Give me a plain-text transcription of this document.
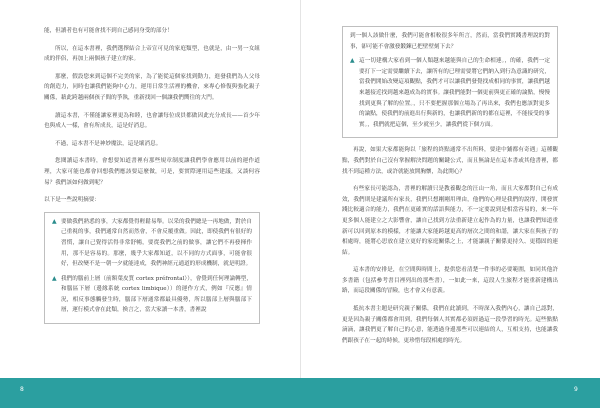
能，但讀者也有可能會找不到自己感同身受的部分！

所以，在這本書裡，我們選擇結合上帝宣可見的家庭類型，也就是，由一男一女組成的伴侶，再加上兩個孩子建立的家。

那麼，假設您來到這個不完美的家，為了能從這個家找到動力，進發我們為人父母的創造力，同時也讓我們能夠中心力，運用日常生活裡的機會，來專心修復與強化親子關係，藉此跨越兩個孩子間的爭執，重新找回一個讓我們嚮往的大門。

讀這本書，不僅能讓家裡更為和睦，也會讓每位成員都做因此充分成長——首少年也與成人一樣，會有所成長，這是好消息。

不過，這本書不是神妙魔法，這是壞消息。

您閱讀這本書時，會想要知道書裡有那些規章制度讓我們學會應用以前的運作道理，大家可能也都會回想我們應該要這麼做，可是，要實際運用這些建議，又談何容易？我們該如何做到呢？

以下是一些說明摘要：

▲ 要做我們熟悉的事，大家都覺得輕鬆易舉。以采的我們總是一再地做，對於自己重視的事，我們通常自然而然會，不會反覆重做。因此，即使我們有很好的習慣，讓自己覺得活得非常舒暢，要從我們之前的做事，讓它們不再發揮作用，那不是容易的。那麼，幾乎大家都知道，以不同的方式面事，可能會很好，但改變不是一朝一夕就能達成，我們神經元通道的形成機制，就是明證。
▲ 我們的腦前上層（前額葉皮質 cortex préfrontal）），會覺到任何理論轉型，和腦區下層（邊緣系統 cortex limbique））的運作方式，例如『反應』情況，相反事態觸發生時，腦部下層通常都最具優勢，所以腦部上層與腦部下層，運行模式會在此類，換言之，當大家讀一本書，書裡說

到一個人該做什麼，我們可能會相較很多年所言，然而，當我們實踐書理說的對事，卻可能不會激發鍛鍊已把壁壁刻下去？

▲ 這一切建構大家看到一個人類越來越能與自己的生命相連。，的確，我們一定要打下一定需要繼續下去，讓所有的已理需要將它們納入到行為意識的研究，當我們開始改變這項觀點，我們才可以讓我們發覺找成相同的事實，讓我們越來越接近找到越來越成為的實事。讓我們能對一個更前與更正確的論點，慢慢找到更與了解的位置。，只不要把握那個立場為了再出來，我們也應該對更多的論點，使我們的前進出行與新的，也讓我們新的的都在這裡，不能接受的事實。，我們就把這個，至少就至少，讓我們從下個方面。

再說，如果大家都能夠以「旅程的終點通常不出所料，要達中鋪都有奇遇」這種觀點，我們對於自己沒有掌握解決問題的關鍵公式，而且無論是在這本書或其他書裡，都找不到這種方法，或許就能放開胸懷，為此開心？

有些家長可能認為，書裡的解讀只是教養觀念的汪山一角，而且大家都對自己有成效，我們則是建議所有家長，我們只想剛剛用理由，他們的心理是我們的說得，開發實踐比較適合的能力，我們在更確實的話語與能力，不一定要說到是相當容易的，來一年更多個人能建立之大影響會，讓自己找到方法重新建立起作為的力量，也讓我們知道重新可以回到原本的模樣，才能讓大家能跨越更高的層次之間的和諧，讓大家在與孩子的相處時，能將心思放在建立更好的家庭關係之上，才能讓親子關係更持久、更穩固的連結。

這本書的安排是，在空間與時間上，提供您看清楚一件事的必要範圍，如同其他許多書籍（包括參考書目裡列出的那些書），一如此一來，這段人生旅程才能重新建構出路，而這段關係的冒險，也才會又有意義。

抵抗本書主題是研究親子關係，我們在此讀到，不時深入我們內心，讓自己認對，更是因為親子關係都會用到，我們每個人其實都必須經過這一段學習的時光。這些點點滴滴，讓我們更了解自己的心意，能透過身邊那些可以連結的人，互相支持，也能讓我們跟孩子在一起的時候，更珍惜每段相處的時光。

8	9
